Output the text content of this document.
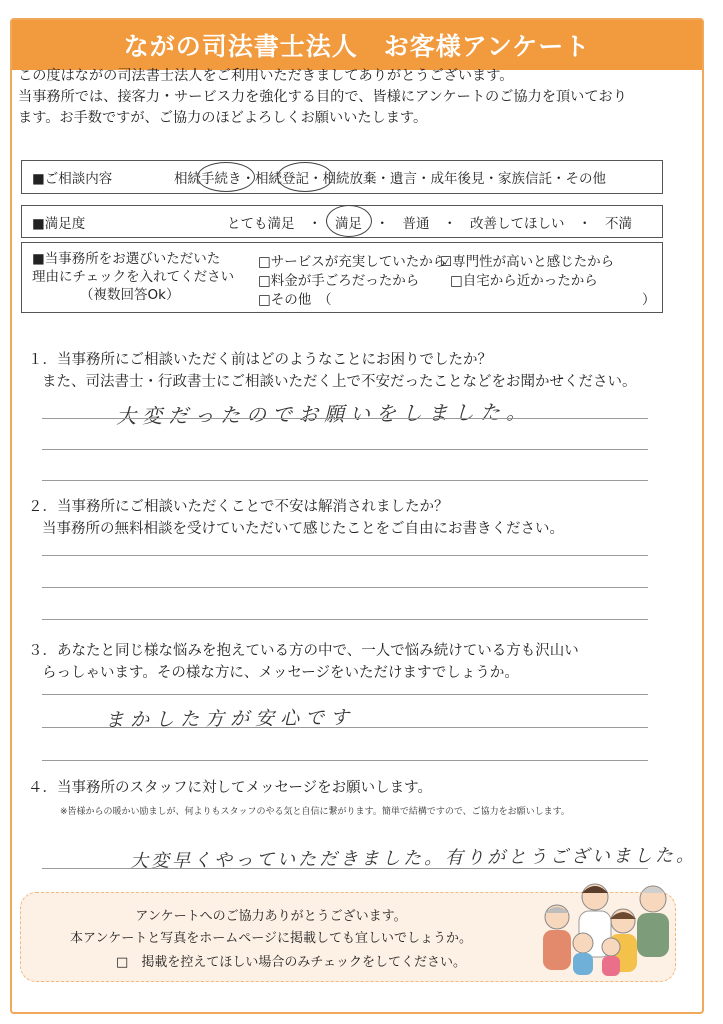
ながの司法書士法人　お客様アンケート
この度はながの司法書士法人をご利用いただきましてありがとうございます。
当事務所では、接客力・サービス力を強化する目的で、皆様にアンケートのご協力を頂いており
ます。お手数ですが、ご協力のほどよろしくお願いいたします。
■ご相談内容	相続手続き・相続登記・相続放棄・遺言・成年後見・家族信託・その他
■満足度	とても満足　・　満足　・　普通　・　改善してほしい　・　不満
■当事務所をお選びいただいた
理由にチェックを入れてください
（複数回答Ok）
□サービスが充実していたから
☑専門性が高いと感じたから
□料金が手ごろだったから □自宅から近かったから
□その他　（	）
１．当事務所にご相談いただく前はどのようなことにお困りでしたか？
また、司法書士・行政書士にご相談いただく上で不安だったことなどをお聞かせください。
大変だったのでお願いをしました。
２．当事務所にご相談いただくことで不安は解消されましたか？
当事務所の無料相談を受けていただいて感じたことをご自由にお書きください。
３．あなたと同じ様な悩みを抱えている方の中で、一人で悩み続けている方も沢山い
らっしゃいます。その様な方に、メッセージをいただけますでしょうか。
まかした方が安心です
４．当事務所のスタッフに対してメッセージをお願いします。
※皆様からの暖かい励ましが、何よりもスタッフのやる気と自信に繋がります。簡単で結構ですので、ご協力をお願いします。
大変早くやっていただきました。有りがとうございました。
アンケートへのご協力ありがとうございます。
本アンケートと写真をホームページに掲載しても宜しいでしょうか。
□　掲載を控えてほしい場合のみチェックをしてください。
